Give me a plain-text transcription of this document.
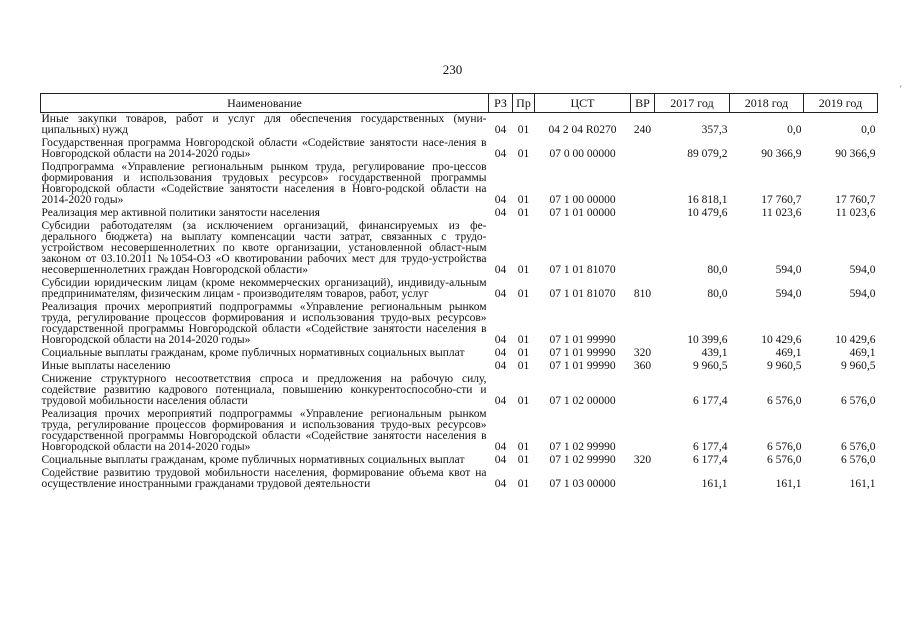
230
'
Наименование	РЗ	Пр	ЦСТ	ВР	2017 год	2018 год	2019 год
Иные закупки товаров, работ и услуг для обеспечения государственных (муни-ципальных) нужд	04	01	04 2 04 R0270	240	357,3	0,0	0,0
Государственная программа Новгородской области «Содействие занятости насе-ления в Новгородской области на 2014-2020 годы»	04	01	07 0 00 00000		89 079,2	90 366,9	90 366,9
Подпрограмма «Управление региональным рынком труда, регулирование про-цессов формирования и использования трудовых ресурсов» государственной программы Новгородской области «Содействие занятости населения в Новго-родской области на 2014-2020 годы»	04	01	07 1 00 00000		16 818,1	17 760,7	17 760,7
Реализация мер активной политики занятости населения	04	01	07 1 01 00000		10 479,6	11 023,6	11 023,6
Субсидии работодателям (за исключением организаций, финансируемых из фе-дерального бюджета) на выплату компенсации части затрат, связанных с трудо-устройством несовершеннолетних по квоте организации, установленной област-ным законом от 03.10.2011 №1054-ОЗ «О квотировании рабочих мест для трудо-устройства несовершеннолетних граждан Новгородской области»	04	01	07 1 01 81070		80,0	594,0	594,0
Субсидии юридическим лицам (кроме некоммерческих организаций), индивиду-альным предпринимателям, физическим лицам - производителям товаров, работ, услуг	04	01	07 1 01 81070	810	80,0	594,0	594,0
Реализация прочих мероприятий подпрограммы «Управление региональным рынком труда, регулирование процессов формирования и использования трудо-вых ресурсов» государственной программы Новгородской области «Содействие занятости населения в Новгородской области на 2014-2020 годы»	04	01	07 1 01 99990		10 399,6	10 429,6	10 429,6
Социальные выплаты гражданам, кроме публичных нормативных социальных выплат	04	01	07 1 01 99990	320	439,1	469,1	469,1
Иные выплаты населению	04	01	07 1 01 99990	360	9 960,5	9 960,5	9 960,5
Снижение структурного несоответствия спроса и предложения на рабочую силу, содействие развитию кадрового потенциала, повышению конкурентоспособно-сти и трудовой мобильности населения области	04	01	07 1 02 00000		6 177,4	6 576,0	6 576,0
Реализация прочих мероприятий подпрограммы «Управление региональным рынком труда, регулирование процессов формирования и использования трудо-вых ресурсов» государственной программы Новгородской области «Содействие занятости населения в Новгородской области на 2014-2020 годы»	04	01	07 1 02 99990		6 177,4	6 576,0	6 576,0
Социальные выплаты гражданам, кроме публичных нормативных социальных выплат	04	01	07 1 02 99990	320	6 177,4	6 576,0	6 576,0
Содействие развитию трудовой мобильности населения, формирование объема квот на осуществление иностранными гражданами трудовой деятельности	04	01	07 1 03 00000		161,1	161,1	161,1
